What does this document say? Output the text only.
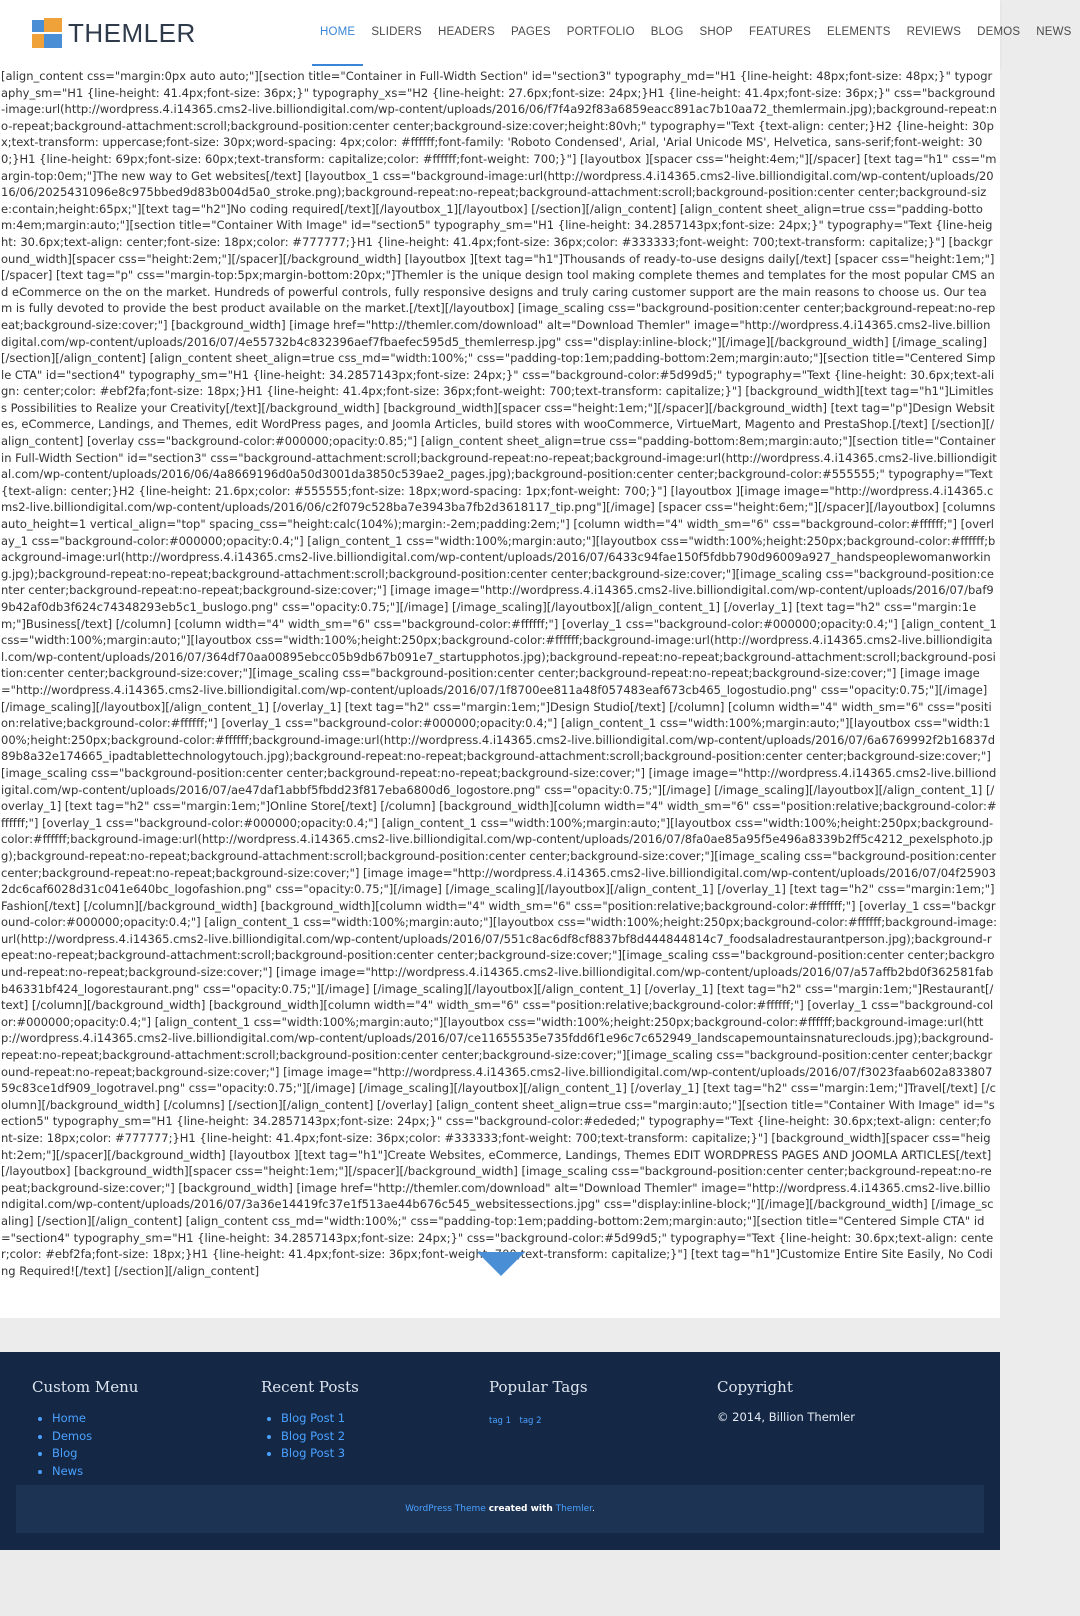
THEMLER	HOME	SLIDERS	HEADERS	PAGES	PORTFOLIO	BLOG	SHOP	FEATURES	ELEMENTS	REVIEWS	DEMOS	NEWS
[align_content css="margin:0px auto auto;"][section title="Container in Full-Width Section" id="section3" typography_md="H1 {line-height: 48px;font-size: 48px;}" typography_sm="H1 {line-height: 41.4px;font-size: 36px;}" typography_xs="H2 {line-height: 27.6px;font-size: 24px;}H1 {line-height: 41.4px;font-size: 36px;}" css="background-image:url(http://wordpress.4.i14365.cms2-live.billiondigital.com/wp-content/uploads/2016/06/f7f4a92f83a6859eacc891ac7b10aa72_themlermain.jpg);background-repeat:no-repeat;background-attachment:scroll;background-position:center center;background-size:cover;height:80vh;" typography="Text {text-align: center;}H2 {line-height: 30px;text-transform: uppercase;font-size: 30px;word-spacing: 4px;color: #ffffff;font-family: 'Roboto Condensed', Arial, 'Arial Unicode MS', Helvetica, sans-serif;font-weight: 300;}H1 {line-height: 69px;font-size: 60px;text-transform: capitalize;color: #ffffff;font-weight: 700;}"] [layoutbox ][spacer css="height:4em;"][/spacer] [text tag="h1" css="margin-top:0em;"]The new way to Get websites[/text] [layoutbox_1 css="background-image:url(http://wordpress.4.i14365.cms2-live.billiondigital.com/wp-content/uploads/2016/06/2025431096e8c975bbed9d83b004d5a0_stroke.png);background-repeat:no-repeat;background-attachment:scroll;background-position:center center;background-size:contain;height:65px;"][text tag="h2"]No coding required[/text][/layoutbox_1][/layoutbox] [/section][/align_content] [align_content sheet_align=true css="padding-bottom:4em;margin:auto;"][section title="Container With Image" id="section5" typography_sm="H1 {line-height: 34.2857143px;font-size: 24px;}" typography="Text {line-height: 30.6px;text-align: center;font-size: 18px;color: #777777;}H1 {line-height: 41.4px;font-size: 36px;color: #333333;font-weight: 700;text-transform: capitalize;}"] [background_width][spacer css="height:2em;"][/spacer][/background_width] [layoutbox ][text tag="h1"]Thousands of ready-to-use designs daily[/text] [spacer css="height:1em;"][/spacer] [text tag="p" css="margin-top:5px;margin-bottom:20px;"]Themler is the unique design tool making complete themes and templates for the most popular CMS and eCommerce on the on the market. Hundreds of powerful controls, fully responsive designs and truly caring customer support are the main reasons to choose us. Our team is fully devoted to provide the best product available on the market.[/text][/layoutbox] [image_scaling css="background-position:center center;background-repeat:no-repeat;background-size:cover;"] [background_width] [image href="http://themler.com/download" alt="Download Themler" image="http://wordpress.4.i14365.cms2-live.billiondigital.com/wp-content/uploads/2016/07/4e55732b4c832396aef7fbaefec595d5_themlerresp.jpg" css="display:inline-block;"][/image][/background_width] [/image_scaling] [/section][/align_content] [align_content sheet_align=true css_md="width:100%;" css="padding-top:1em;padding-bottom:2em;margin:auto;"][section title="Centered Simple CTA" id="section4" typography_sm="H1 {line-height: 34.2857143px;font-size: 24px;}" css="background-color:#5d99d5;" typography="Text {line-height: 30.6px;text-align: center;color: #ebf2fa;font-size: 18px;}H1 {line-height: 41.4px;font-size: 36px;font-weight: 700;text-transform: capitalize;}"] [background_width][text tag="h1"]Limitless Possibilities to Realize your Creativity[/text][/background_width] [background_width][spacer css="height:1em;"][/spacer][/background_width] [text tag="p"]Design Websites, eCommerce, Landings, and Themes, edit WordPress pages, and Joomla Articles, build stores with wooCommerce, VirtueMart, Magento and PrestaShop.[/text] [/section][/align_content] [overlay css="background-color:#000000;opacity:0.85;"] [align_content sheet_align=true css="padding-bottom:8em;margin:auto;"][section title="Container in Full-Width Section" id="section3" css="background-attachment:scroll;background-repeat:no-repeat;background-image:url(http://wordpress.4.i14365.cms2-live.billiondigital.com/wp-content/uploads/2016/06/4a8669196d0a50d3001da3850c539ae2_pages.jpg);background-position:center center;background-color:#555555;" typography="Text {text-align: center;}H2 {line-height: 21.6px;color: #555555;font-size: 18px;word-spacing: 1px;font-weight: 700;}"] [layoutbox ][image image="http://wordpress.4.i14365.cms2-live.billiondigital.com/wp-content/uploads/2016/06/c2f079c528ba7e3943ba7fb2d3618117_tip.png"][/image] [spacer css="height:6em;"][/spacer][/layoutbox] [columns auto_height=1 vertical_align="top" spacing_css="height:calc(104%);margin:-2em;padding:2em;"] [column width="4" width_sm="6" css="background-color:#ffffff;"] [overlay_1 css="background-color:#000000;opacity:0.4;"] [align_content_1 css="width:100%;margin:auto;"][layoutbox css="width:100%;height:250px;background-color:#ffffff;background-image:url(http://wordpress.4.i14365.cms2-live.billiondigital.com/wp-content/uploads/2016/07/6433c94fae150f5fdbb790d96009a927_handspeoplewomanworking.jpg);background-repeat:no-repeat;background-attachment:scroll;background-position:center center;background-size:cover;"][image_scaling css="background-position:center center;background-repeat:no-repeat;background-size:cover;"] [image image="http://wordpress.4.i14365.cms2-live.billiondigital.com/wp-content/uploads/2016/07/baf99b42af0db3f624c74348293eb5c1_buslogo.png" css="opacity:0.75;"][/image] [/image_scaling][/layoutbox][/align_content_1] [/overlay_1] [text tag="h2" css="margin:1em;"]Business[/text] [/column] [column width="4" width_sm="6" css="background-color:#ffffff;"] [overlay_1 css="background-color:#000000;opacity:0.4;"] [align_content_1 css="width:100%;margin:auto;"][layoutbox css="width:100%;height:250px;background-color:#ffffff;background-image:url(http://wordpress.4.i14365.cms2-live.billiondigital.com/wp-content/uploads/2016/07/364df70aa00895ebcc05b9db67b091e7_startupphotos.jpg);background-repeat:no-repeat;background-attachment:scroll;background-position:center center;background-size:cover;"][image_scaling css="background-position:center center;background-repeat:no-repeat;background-size:cover;"] [image image="http://wordpress.4.i14365.cms2-live.billiondigital.com/wp-content/uploads/2016/07/1f8700ee811a48f057483eaf673cb465_logostudio.png" css="opacity:0.75;"][/image] [/image_scaling][/layoutbox][/align_content_1] [/overlay_1] [text tag="h2" css="margin:1em;"]Design Studio[/text] [/column] [column width="4" width_sm="6" css="position:relative;background-color:#ffffff;"] [overlay_1 css="background-color:#000000;opacity:0.4;"] [align_content_1 css="width:100%;margin:auto;"][layoutbox css="width:100%;height:250px;background-color:#ffffff;background-image:url(http://wordpress.4.i14365.cms2-live.billiondigital.com/wp-content/uploads/2016/07/6a6769992f2b16837d89b8a32e174665_ipadtablettechnologytouch.jpg);background-repeat:no-repeat;background-attachment:scroll;background-position:center center;background-size:cover;"][image_scaling css="background-position:center center;background-repeat:no-repeat;background-size:cover;"] [image image="http://wordpress.4.i14365.cms2-live.billiondigital.com/wp-content/uploads/2016/07/ae47daf1abbf5fbdd23f817eba6800d6_logostore.png" css="opacity:0.75;"][/image] [/image_scaling][/layoutbox][/align_content_1] [/overlay_1] [text tag="h2" css="margin:1em;"]Online Store[/text] [/column] [background_width][column width="4" width_sm="6" css="position:relative;background-color:#ffffff;"] [overlay_1 css="background-color:#000000;opacity:0.4;"] [align_content_1 css="width:100%;margin:auto;"][layoutbox css="width:100%;height:250px;background-color:#ffffff;background-image:url(http://wordpress.4.i14365.cms2-live.billiondigital.com/wp-content/uploads/2016/07/8fa0ae85a95f5e496a8339b2ff5c4212_pexelsphoto.jpg);background-repeat:no-repeat;background-attachment:scroll;background-position:center center;background-size:cover;"][image_scaling css="background-position:center center;background-repeat:no-repeat;background-size:cover;"] [image image="http://wordpress.4.i14365.cms2-live.billiondigital.com/wp-content/uploads/2016/07/04f259032dc6caf6028d31c041e640bc_logofashion.png" css="opacity:0.75;"][/image] [/image_scaling][/layoutbox][/align_content_1] [/overlay_1] [text tag="h2" css="margin:1em;"]Fashion[/text] [/column][/background_width] [background_width][column width="4" width_sm="6" css="position:relative;background-color:#ffffff;"] [overlay_1 css="background-color:#000000;opacity:0.4;"] [align_content_1 css="width:100%;margin:auto;"][layoutbox css="width:100%;height:250px;background-color:#ffffff;background-image:url(http://wordpress.4.i14365.cms2-live.billiondigital.com/wp-content/uploads/2016/07/551c8ac6df8cf8837bf8d444844814c7_foodsaladrestaurantperson.jpg);background-repeat:no-repeat;background-attachment:scroll;background-position:center center;background-size:cover;"][image_scaling css="background-position:center center;background-repeat:no-repeat;background-size:cover;"] [image image="http://wordpress.4.i14365.cms2-live.billiondigital.com/wp-content/uploads/2016/07/a57affb2bd0f362581fabb46331bf424_logorestaurant.png" css="opacity:0.75;"][/image] [/image_scaling][/layoutbox][/align_content_1] [/overlay_1] [text tag="h2" css="margin:1em;"]Restaurant[/text] [/column][/background_width] [background_width][column width="4" width_sm="6" css="position:relative;background-color:#ffffff;"] [overlay_1 css="background-color:#000000;opacity:0.4;"] [align_content_1 css="width:100%;margin:auto;"][layoutbox css="width:100%;height:250px;background-color:#ffffff;background-image:url(http://wordpress.4.i14365.cms2-live.billiondigital.com/wp-content/uploads/2016/07/ce11655535e735fdd6f1e96c7c652949_landscapemountainsnatureclouds.jpg);background-repeat:no-repeat;background-attachment:scroll;background-position:center center;background-size:cover;"][image_scaling css="background-position:center center;background-repeat:no-repeat;background-size:cover;"] [image image="http://wordpress.4.i14365.cms2-live.billiondigital.com/wp-content/uploads/2016/07/f3023faab602a83380759c83ce1df909_logotravel.png" css="opacity:0.75;"][/image] [/image_scaling][/layoutbox][/align_content_1] [/overlay_1] [text tag="h2" css="margin:1em;"]Travel[/text] [/column][/background_width] [/columns] [/section][/align_content] [/overlay] [align_content sheet_align=true css="margin:auto;"][section title="Container With Image" id="section5" typography_sm="H1 {line-height: 34.2857143px;font-size: 24px;}" css="background-color:#ededed;" typography="Text {line-height: 30.6px;text-align: center;font-size: 18px;color: #777777;}H1 {line-height: 41.4px;font-size: 36px;color: #333333;font-weight: 700;text-transform: capitalize;}"] [background_width][spacer css="height:2em;"][/spacer][/background_width] [layoutbox ][text tag="h1"]Create Websites, eCommerce, Landings, Themes EDIT WORDPRESS PAGES AND JOOMLA ARTICLES[/text][/layoutbox] [background_width][spacer css="height:1em;"][/spacer][/background_width] [image_scaling css="background-position:center center;background-repeat:no-repeat;background-size:cover;"] [background_width] [image href="http://themler.com/download" alt="Download Themler" image="http://wordpress.4.i14365.cms2-live.billiondigital.com/wp-content/uploads/2016/07/3a36e14419fc37e1f513ae44b676c545_websitessections.jpg" css="display:inline-block;"][/image][/background_width] [/image_scaling] [/section][/align_content] [align_content css_md="width:100%;" css="padding-top:1em;padding-bottom:2em;margin:auto;"][section title="Centered Simple CTA" id="section4" typography_sm="H1 {line-height: 34.2857143px;font-size: 24px;}" css="background-color:#5d99d5;" typography="Text {line-height: 30.6px;text-align: center;color: #ebf2fa;font-size: 18px;}H1 {line-height: 41.4px;font-size: 36px;font-weight: 700;text-transform: capitalize;}"] [text tag="h1"]Customize Entire Site Easily, No Coding Required![/text] [/section][/align_content]
Custom Menu
• Home
• Demos
• Blog
• News
Recent Posts
• Blog Post 1
• Blog Post 2
• Blog Post 3
Popular Tags
tag 1 tag 2
Copyright
© 2014, Billion Themler
WordPress Theme created with Themler.
